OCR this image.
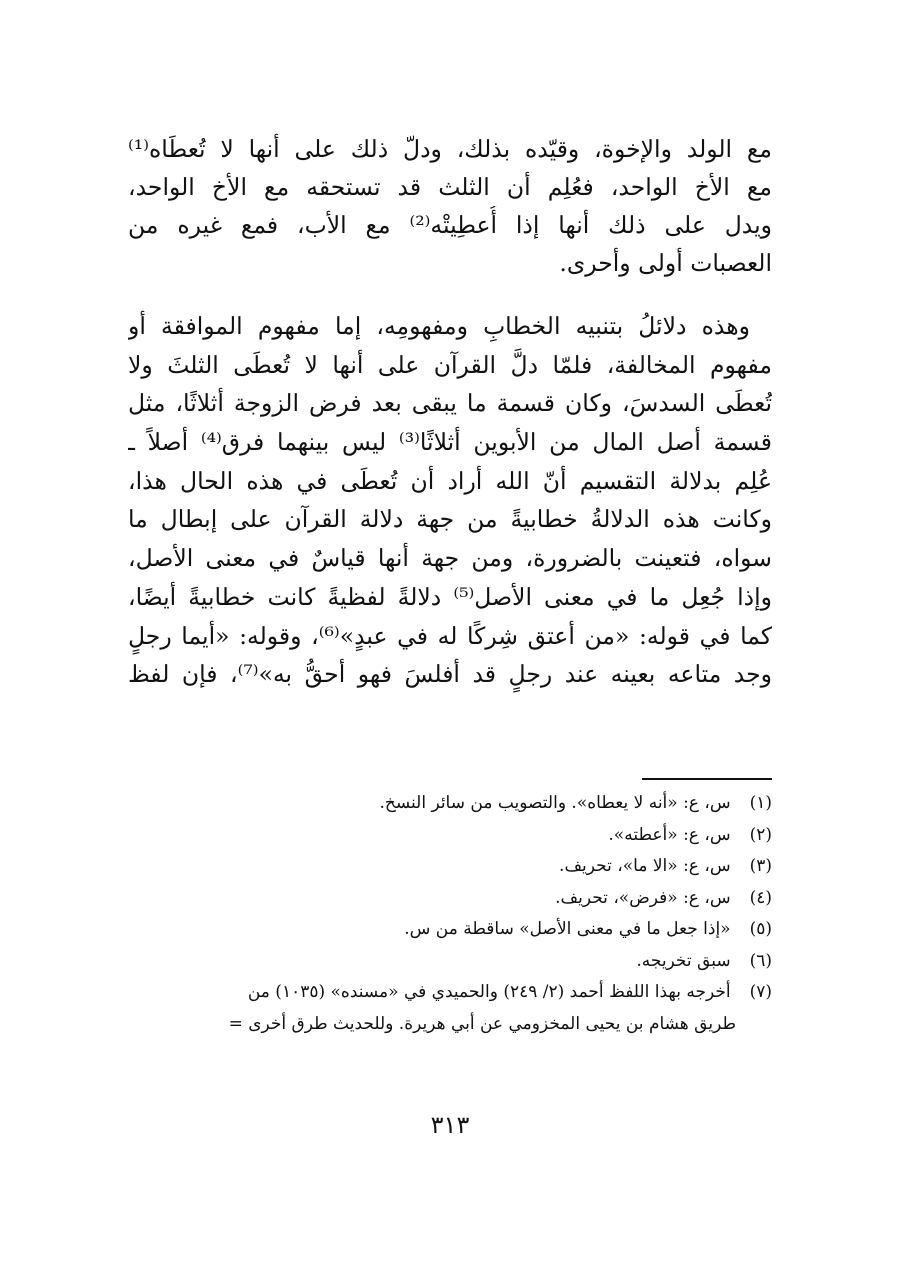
مع الولد والإخوة، وقيّده بذلك، ودلّ ذلك على أنها لا تُعطَاه⁽¹⁾
مع الأخ الواحد، فعُلِم أن الثلث قد تستحقه مع الأخ الواحد،
ويدل على ذلك أنها إذا أُعطِيتْه⁽²⁾ مع الأب، فمع غيره من
العصبات أولى وأحرى.
وهذه دلائلُ بتنبيه الخطابِ ومفهومِه، إما مفهوم الموافقة أو
مفهوم المخالفة، فلمّا دلَّ القرآن على أنها لا تُعطَى الثلثَ ولا
تُعطَى السدسَ، وكان قسمة ما يبقى بعد فرض الزوجة أثلاثًا، مثل
قسمة أصل المال من الأبوين أثلاثًا⁽³⁾ ليس بينهما فرق⁽⁴⁾ أصلاً ـ
عُلِم بدلالة التقسيم أنّ الله أراد أن تُعطَى في هذه الحال هذا،
وكانت هذه الدلالةُ خطابيةً من جهة دلالة القرآن على إبطال ما
سواه، فتعينت بالضرورة، ومن جهة أنها قياسٌ في معنى الأصل،
وإذا جُعِل ما في معنى الأصل⁽⁵⁾ دلالةً لفظيةً كانت خطابيةً أيضًا،
كما في قوله: «من أعتق شِركًا له في عبدٍ»⁽⁶⁾، وقوله: «أيما رجلٍ
وجد متاعه بعينه عند رجلٍ قد أفلسَ فهو أحقُّ به»⁽⁷⁾، فإن لفظ
(١) س، ع: «أنه لا يعطاه». والتصويب من سائر النسخ.
(٢) س، ع: «أعطته».
(٣) س، ع: «الا ما»، تحريف.
(٤) س، ع: «فرض»، تحريف.
(٥) «إذا جعل ما في معنى الأصل» ساقطة من س.
(٦) سبق تخريجه.
(٧) أخرجه بهذا اللفظ أحمد (٢/ ٢٤٩) والحميدي في «مسنده» (١٠٣٥) من
طريق هشام بن يحيى المخزومي عن أبي هريرة. وللحديث طرق أخرى =
٣١٣
